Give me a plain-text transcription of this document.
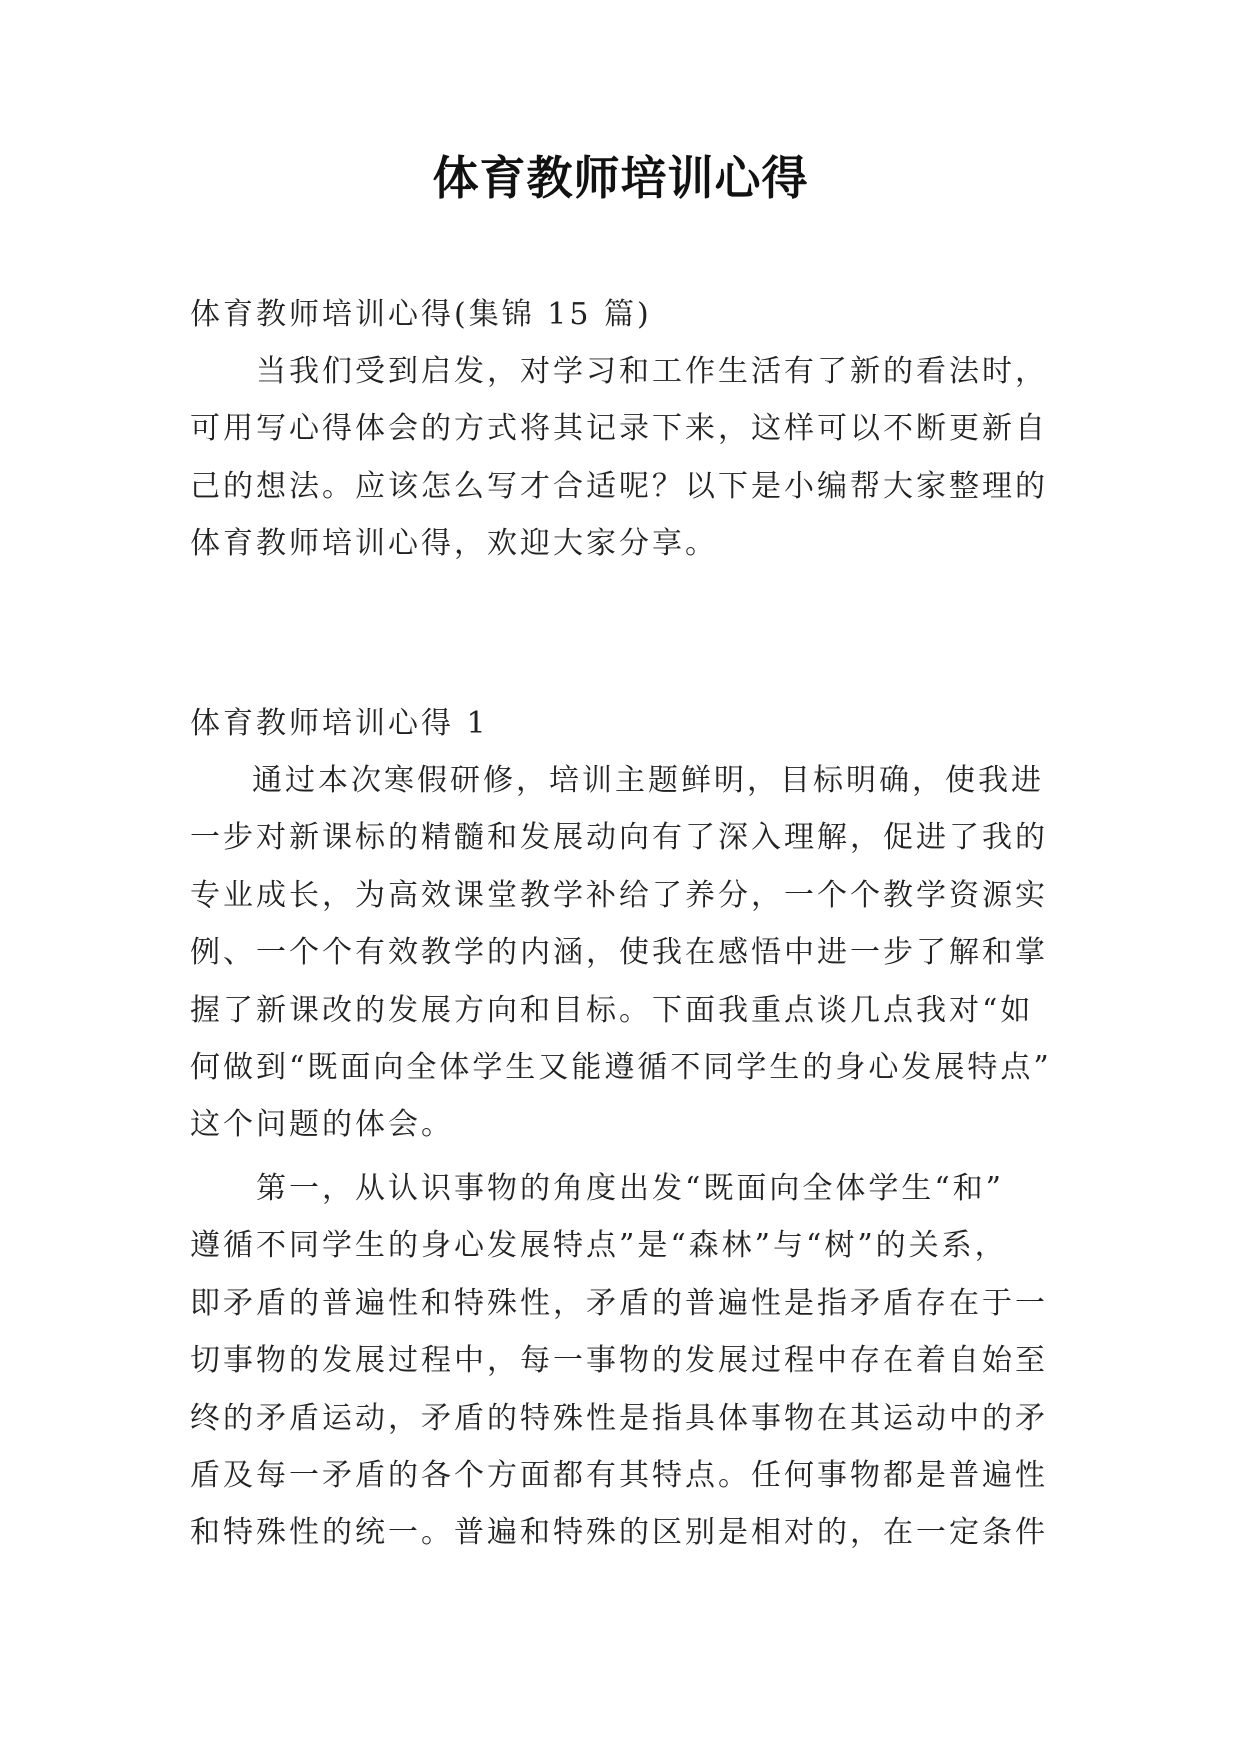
体育教师培训心得

体育教师培训心得(集锦 15 篇)

当我们受到启发，对学习和工作生活有了新的看法时，

可用写心得体会的方式将其记录下来，这样可以不断更新自

己的想法。应该怎么写才合适呢？以下是小编帮大家整理的

体育教师培训心得，欢迎大家分享。

体育教师培训心得 1

通过本次寒假研修，培训主题鲜明，目标明确，使我进

一步对新课标的精髓和发展动向有了深入理解，促进了我的

专业成长，为高效课堂教学补给了养分，一个个教学资源实

例、一个个有效教学的内涵，使我在感悟中进一步了解和掌

握了新课改的发展方向和目标。下面我重点谈几点我对“如

何做到“既面向全体学生又能遵循不同学生的身心发展特点”

这个问题的体会。

第一，从认识事物的角度出发“既面向全体学生“和”

遵循不同学生的身心发展特点”是“森林”与“树”的关系，

即矛盾的普遍性和特殊性，矛盾的普遍性是指矛盾存在于一

切事物的发展过程中，每一事物的发展过程中存在着自始至

终的矛盾运动，矛盾的特殊性是指具体事物在其运动中的矛

盾及每一矛盾的各个方面都有其特点。任何事物都是普遍性

和特殊性的统一。普遍和特殊的区别是相对的，在一定条件
